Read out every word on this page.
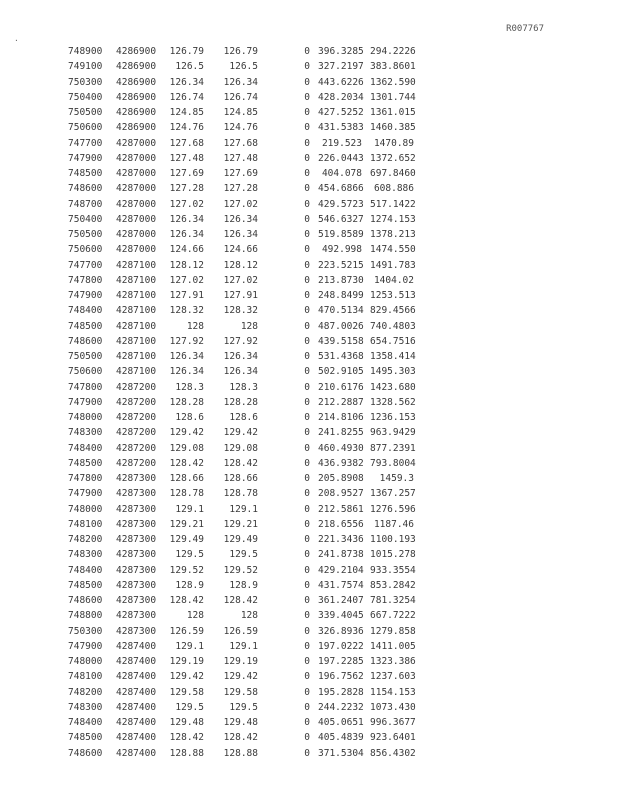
R007767
.
748900 4286900	126.79	126.79	0 396.3285 294.2226
749100 4286900	126.5	126.5	0 327.2197 383.8601
750300 4286900	126.34	126.34	0 443.6226 1362.590
750400 4286900	126.74	126.74	0 428.2034 1301.744
750500 4286900	124.85	124.85	0 427.5252 1361.015
750600 4286900	124.76	124.76	0 431.5383 1460.385
747700 4287000	127.68	127.68	0	219.523	1470.89
747900 4287000	127.48	127.48	0 226.0443 1372.652
748500 4287000	127.69	127.69	0	404.078 697.8460
748600 4287000	127.28	127.28	0 454.6866	608.886
748700 4287000	127.02	127.02	0 429.5723 517.1422
750400 4287000	126.34	126.34	0 546.6327 1274.153
750500 4287000	126.34	126.34	0 519.8589 1378.213
750600 4287000	124.66	124.66	0	492.998 1474.550
747700 4287100	128.12	128.12	0 223.5215 1491.783
747800 4287100	127.02	127.02	0 213.8730	1404.02
747900 4287100	127.91	127.91	0 248.8499 1253.513
748400 4287100	128.32	128.32	0 470.5134 829.4566
748500 4287100	128	128	0 487.0026 740.4803
748600 4287100	127.92	127.92	0 439.5158 654.7516
750500 4287100	126.34	126.34	0 531.4368 1358.414
750600 4287100	126.34	126.34	0 502.9105 1495.303
747800 4287200	128.3	128.3	0 210.6176 1423.680
747900 4287200	128.28	128.28	0 212.2887 1328.562
748000 4287200	128.6	128.6	0 214.8106 1236.153
748300 4287200	129.42	129.42	0 241.8255 963.9429
748400 4287200	129.08	129.08	0 460.4930 877.2391
748500 4287200	128.42	128.42	0 436.9382 793.8004
747800 4287300	128.66	128.66	0 205.8908	1459.3
747900 4287300	128.78	128.78	0 208.9527 1367.257
748000 4287300	129.1	129.1	0 212.5861 1276.596
748100 4287300	129.21	129.21	0 218.6556	1187.46
748200 4287300	129.49	129.49	0 221.3436 1100.193
748300 4287300	129.5	129.5	0 241.8738 1015.278
748400 4287300	129.52	129.52	0 429.2104 933.3554
748500 4287300	128.9	128.9	0 431.7574 853.2842
748600 4287300	128.42	128.42	0 361.2407 781.3254
748800 4287300	128	128	0 339.4045 667.7222
750300 4287300	126.59	126.59	0 326.8936 1279.858
747900 4287400	129.1	129.1	0 197.0222 1411.005
748000 4287400	129.19	129.19	0 197.2285 1323.386
748100 4287400	129.42	129.42	0 196.7562 1237.603
748200 4287400	129.58	129.58	0 195.2828 1154.153
748300 4287400	129.5	129.5	0 244.2232 1073.430
748400 4287400	129.48	129.48	0 405.0651 996.3677
748500 4287400	128.42	128.42	0 405.4839 923.6401
748600 4287400	128.88	128.88	0 371.5304 856.4302
